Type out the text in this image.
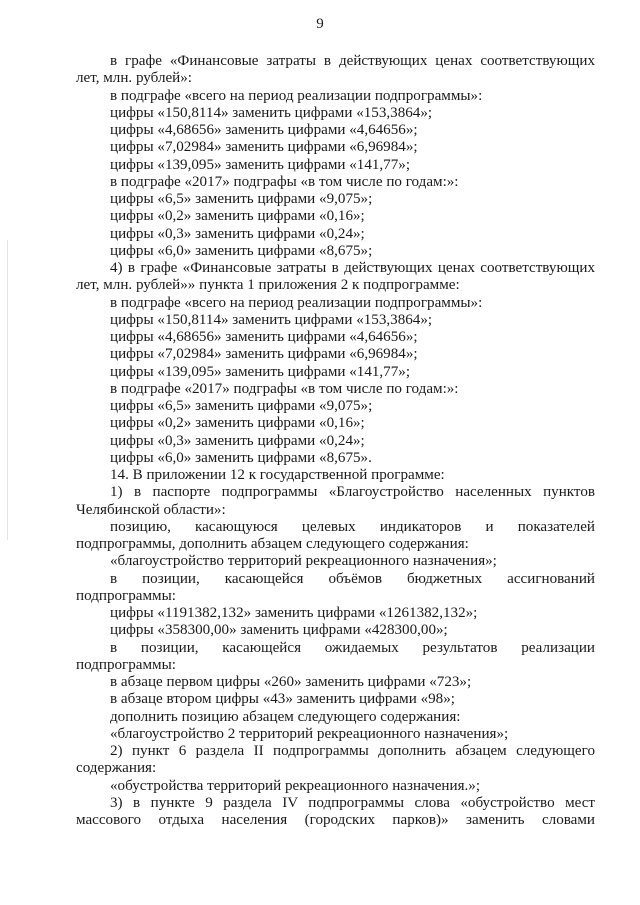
9
в графе «Финансовые затраты в действующих ценах соответствующих
лет, млн. рублей»:
в подграфе «всего на период реализации подпрограммы»:
цифры «150,8114» заменить цифрами «153,3864»;
цифры «4,68656» заменить цифрами «4,64656»;
цифры «7,02984» заменить цифрами «6,96984»;
цифры «139,095» заменить цифрами «141,77»;
в подграфе «2017» подграфы «в том числе по годам:»:
цифры «6,5» заменить цифрами «9,075»;
цифры «0,2» заменить цифрами «0,16»;
цифры «0,3» заменить цифрами «0,24»;
цифры «6,0» заменить цифрами «8,675»;
4) в графе «Финансовые затраты в действующих ценах соответствующих
лет, млн. рублей»» пункта 1 приложения 2 к подпрограмме:
в подграфе «всего на период реализации подпрограммы»:
цифры «150,8114» заменить цифрами «153,3864»;
цифры «4,68656» заменить цифрами «4,64656»;
цифры «7,02984» заменить цифрами «6,96984»;
цифры «139,095» заменить цифрами «141,77»;
в подграфе «2017» подграфы «в том числе по годам:»:
цифры «6,5» заменить цифрами «9,075»;
цифры «0,2» заменить цифрами «0,16»;
цифры «0,3» заменить цифрами «0,24»;
цифры «6,0» заменить цифрами «8,675».
14. В приложении 12 к государственной программе:
1) в паспорте подпрограммы «Благоустройство населенных пунктов
Челябинской области»:
позицию, касающуюся целевых индикаторов и показателей
подпрограммы, дополнить абзацем следующего содержания:
«благоустройство территорий рекреационного назначения»;
в позиции, касающейся объёмов бюджетных ассигнований
подпрограммы:
цифры «1191382,132» заменить цифрами «1261382,132»;
цифры «358300,00» заменить цифрами «428300,00»;
в позиции, касающейся ожидаемых результатов реализации
подпрограммы:
в абзаце первом цифры «260» заменить цифрами «723»;
в абзаце втором цифры «43» заменить цифрами «98»;
дополнить позицию абзацем следующего содержания:
«благоустройство 2 территорий рекреационного назначения»;
2) пункт 6 раздела II подпрограммы дополнить абзацем следующего
содержания:
«обустройства территорий рекреационного назначения.»;
3) в пункте 9 раздела IV подпрограммы слова «обустройство мест
массового отдыха населения (городских парков)» заменить словами
